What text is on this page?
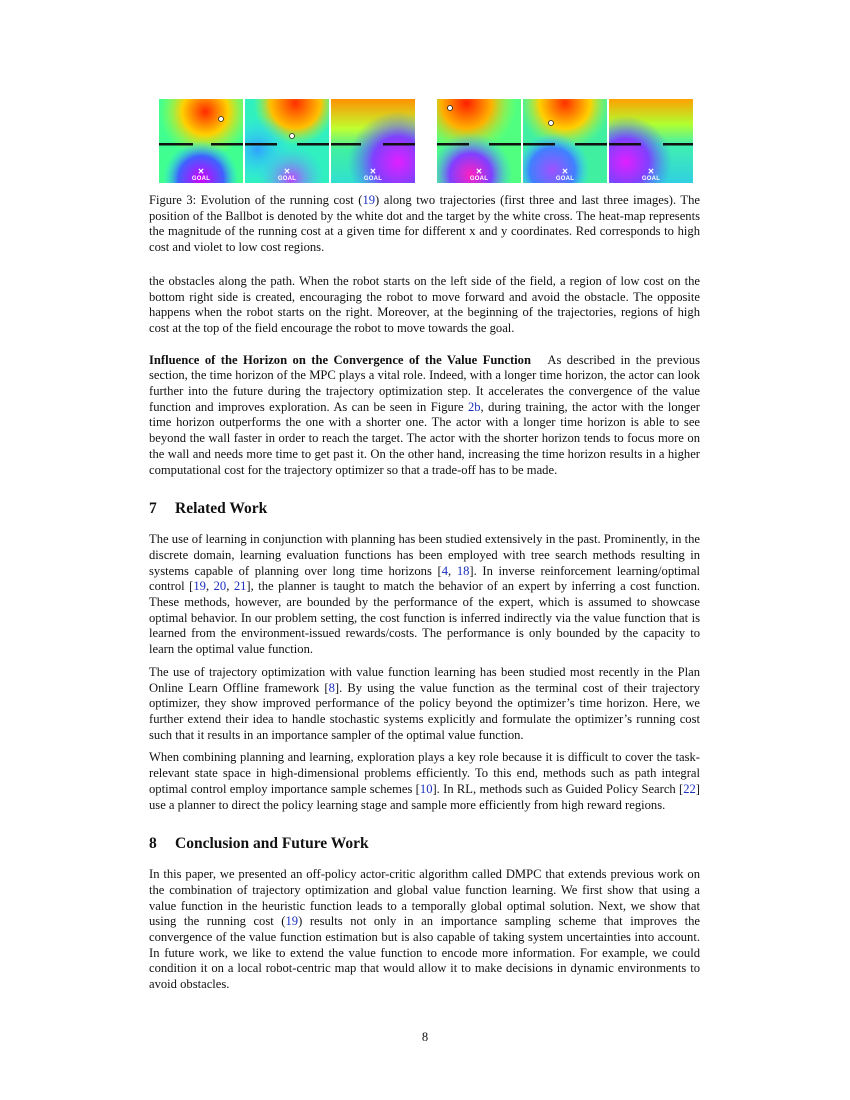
✕
GOAL
✕
GOAL
✕
GOAL
✕
GOAL
✕
GOAL
✕
GOAL
Figure 3: Evolution of the running cost (19) along two trajectories (first three and last three images). The position of the Ballbot is denoted by the white dot and the target by the white cross. The heat-map represents the magnitude of the running cost at a given time for different x and y coordinates. Red corresponds to high cost and violet to low cost regions.

the obstacles along the path. When the robot starts on the left side of the field, a region of low cost on the bottom right side is created, encouraging the robot to move forward and avoid the obstacle. The opposite happens when the robot starts on the right. Moreover, at the beginning of the trajectories, regions of high cost at the top of the field encourage the robot to move towards the goal.

Influence of the Horizon on the Convergence of the Value Function As described in the previous section, the time horizon of the MPC plays a vital role. Indeed, with a longer time horizon, the actor can look further into the future during the trajectory optimization step. It accelerates the convergence of the value function and improves exploration. As can be seen in Figure 2b, during training, the actor with the longer time horizon outperforms the one with a shorter one. The actor with a longer time horizon is able to see beyond the wall faster in order to reach the target. The actor with the shorter horizon tends to focus more on the wall and needs more time to get past it. On the other hand, increasing the time horizon results in a higher computational cost for the trajectory optimizer so that a trade-off has to be made.

7 Related Work

The use of learning in conjunction with planning has been studied extensively in the past. Prominently, in the discrete domain, learning evaluation functions has been employed with tree search methods resulting in systems capable of planning over long time horizons [4, 18]. In inverse reinforcement learning/optimal control [19, 20, 21], the planner is taught to match the behavior of an expert by inferring a cost function. These methods, however, are bounded by the performance of the expert, which is assumed to showcase optimal behavior. In our problem setting, the cost function is inferred indirectly via the value function that is learned from the environment-issued rewards/costs. The performance is only bounded by the capacity to learn the optimal value function.

The use of trajectory optimization with value function learning has been studied most recently in the Plan Online Learn Offline framework [8]. By using the value function as the terminal cost of their trajectory optimizer, they show improved performance of the policy beyond the optimizer’s time horizon. Here, we further extend their idea to handle stochastic systems explicitly and formulate the optimizer’s running cost such that it results in an importance sampler of the optimal value function.

When combining planning and learning, exploration plays a key role because it is difficult to cover the task-relevant state space in high-dimensional problems efficiently. To this end, methods such as path integral optimal control employ importance sample schemes [10]. In RL, methods such as Guided Policy Search [22] use a planner to direct the policy learning stage and sample more efficiently from high reward regions.

8 Conclusion and Future Work

In this paper, we presented an off-policy actor-critic algorithm called DMPC that extends previous work on the combination of trajectory optimization and global value function learning. We first show that using a value function in the heuristic function leads to a temporally global optimal solution. Next, we show that using the running cost (19) results not only in an importance sampling scheme that improves the convergence of the value function estimation but is also capable of taking system uncertainties into account. In future work, we like to extend the value function to encode more information. For example, we could condition it on a local robot-centric map that would allow it to make decisions in dynamic environments to avoid obstacles.

8
